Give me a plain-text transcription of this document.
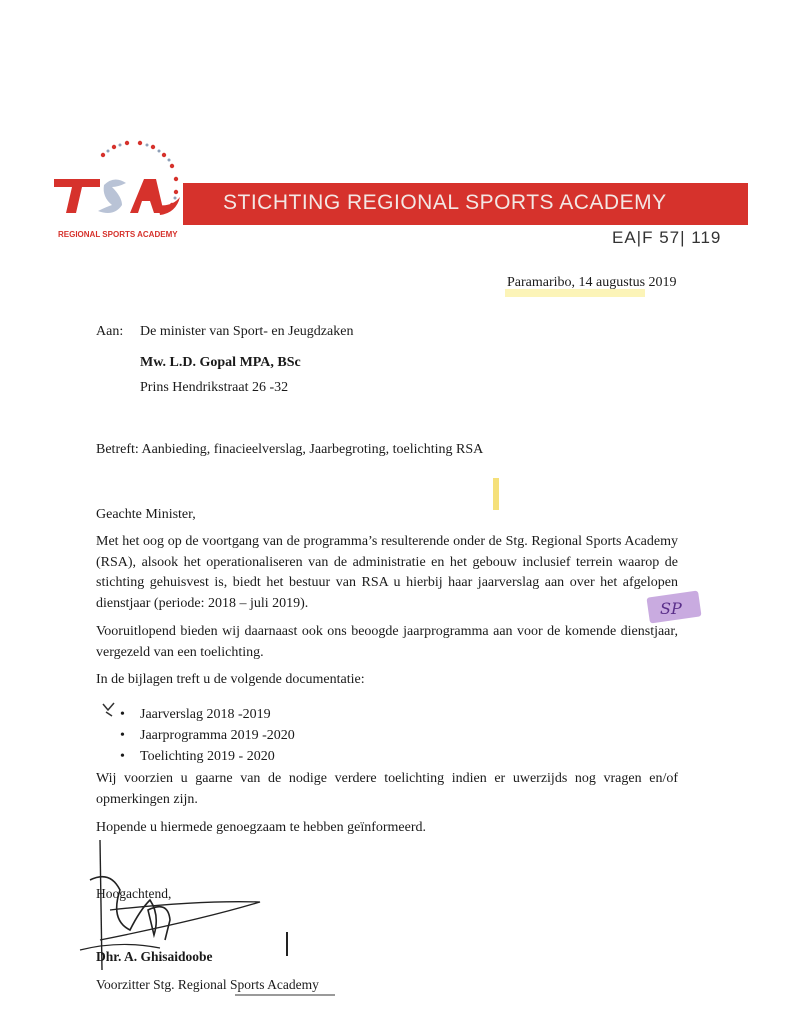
REGIONAL SPORTS ACADEMY
STICHTING REGIONAL SPORTS ACADEMY
EA|F 57| 119
Paramaribo, 14 augustus 2019
Aan: De minister van Sport- en Jeugdzaken
Mw. L.D. Gopal MPA, BSc
Prins Hendrikstraat 26 -32
Betreft: Aanbieding, finacieelverslag, Jaarbegroting, toelichting RSA
Geachte Minister,
Met het oog op de voortgang van de programma’s resulterende onder de Stg. Regional Sports Academy (RSA), alsook het operationaliseren van de administratie en het gebouw inclusief terrein waarop de stichting gehuisvest is, biedt het bestuur van RSA u hierbij haar jaarverslag aan over het afgelopen dienstjaar (periode: 2018 – juli 2019).
Vooruitlopend bieden wij daarnaast ook ons beoogde jaarprogramma aan voor de komende dienstjaar, vergezeld van een toelichting.
SP
In de bijlagen treft u de volgende documentatie:
• Jaarverslag 2018 -2019
• Jaarprogramma 2019 -2020
• Toelichting 2019 - 2020
Wij voorzien u gaarne van de nodige verdere toelichting indien er uwerzijds nog vragen en/of opmerkingen zijn.
Hopende u hiermede genoegzaam te hebben geïnformeerd.
Hoogachtend,
Dhr. A. Ghisaidoobe
Voorzitter Stg. Regional Sports Academy
